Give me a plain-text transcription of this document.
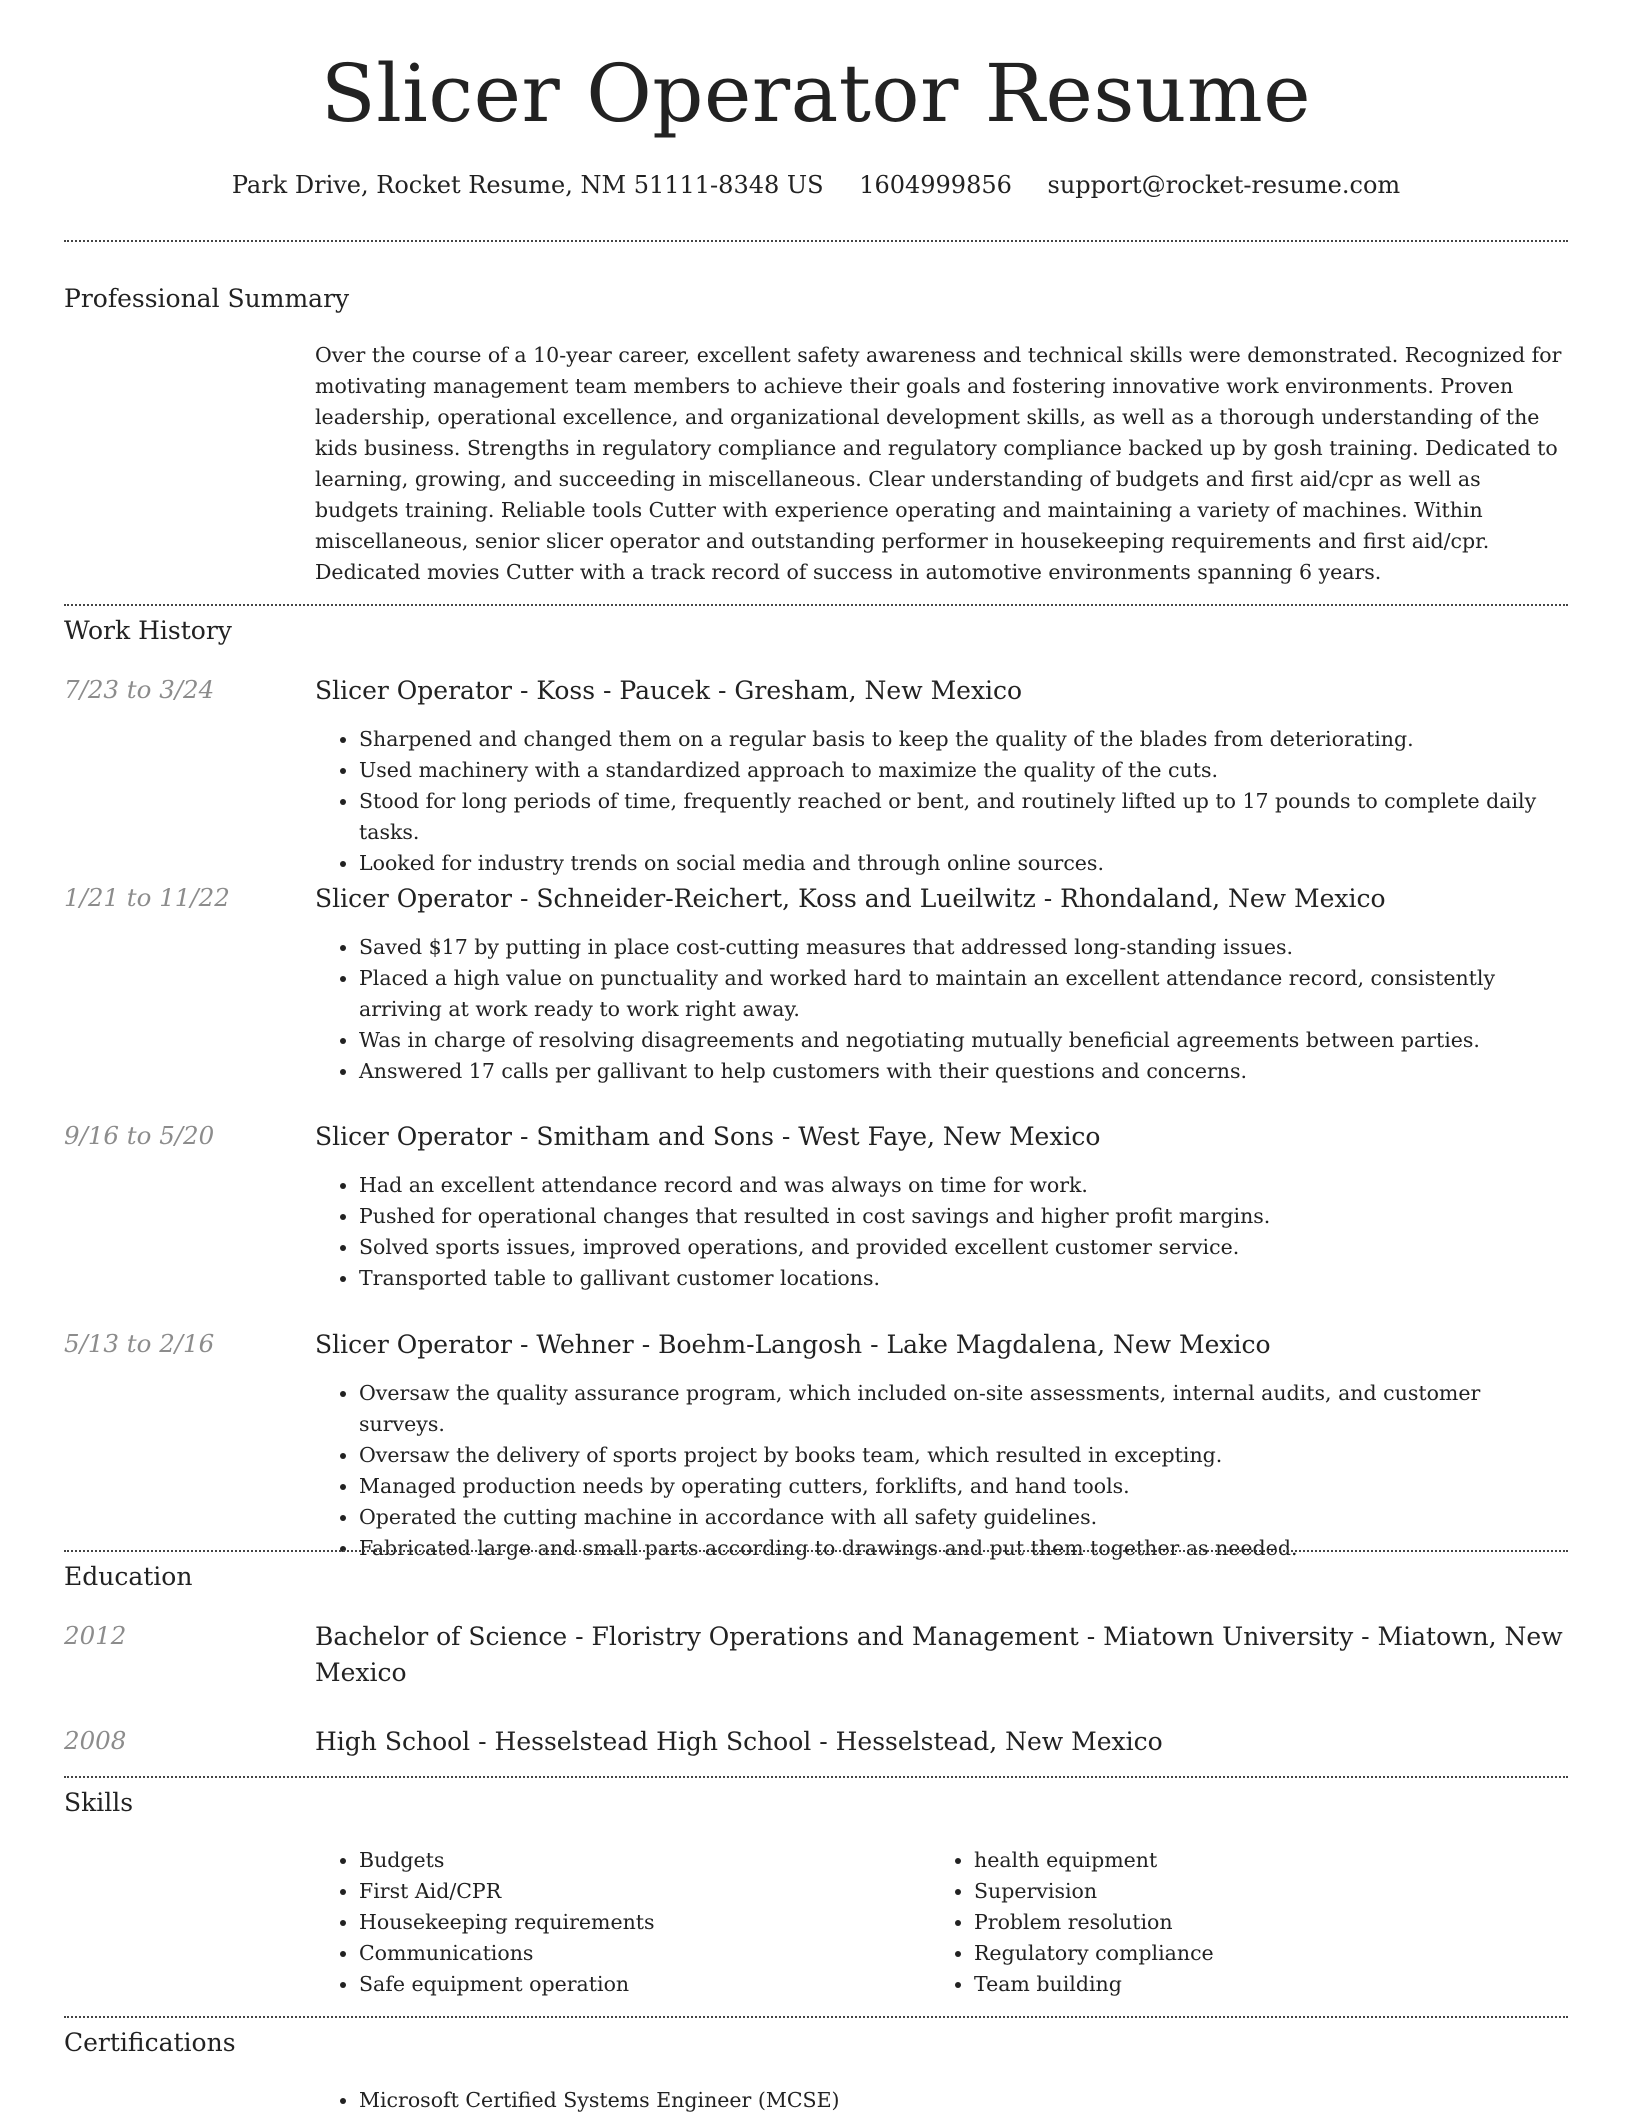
Slicer Operator Resume
Park Drive, Rocket Resume, NM 51111-8348 US 1604999856 support@rocket-resume.com
Professional Summary

Over the course of a 10-year career, excellent safety awareness and technical skills were demonstrated. Recognized for motivating management team members to achieve their goals and fostering innovative work environments. Proven leadership, operational excellence, and organizational development skills, as well as a thorough understanding of the kids business. Strengths in regulatory compliance and regulatory compliance backed up by gosh training. Dedicated to learning, growing, and succeeding in miscellaneous. Clear understanding of budgets and first aid/cpr as well as budgets training. Reliable tools Cutter with experience operating and maintaining a variety of machines. Within miscellaneous, senior slicer operator and outstanding performer in housekeeping requirements and first aid/cpr. Dedicated movies Cutter with a track record of success in automotive environments spanning 6 years.

Work History
7/23 to 3/24	Slicer Operator - Koss - Paucek - Gresham, New Mexico
• Sharpened and changed them on a regular basis to keep the quality of the blades from deteriorating.
• Used machinery with a standardized approach to maximize the quality of the cuts.
• Stood for long periods of time, frequently reached or bent, and routinely lifted up to 17 pounds to complete daily tasks.
• Looked for industry trends on social media and through online sources.
1/21 to 11/22	Slicer Operator - Schneider-Reichert, Koss and Lueilwitz - Rhondaland, New Mexico
• Saved $17 by putting in place cost-cutting measures that addressed long-standing issues.
• Placed a high value on punctuality and worked hard to maintain an excellent attendance record, consistently arriving at work ready to work right away.
• Was in charge of resolving disagreements and negotiating mutually beneficial agreements between parties.
• Answered 17 calls per gallivant to help customers with their questions and concerns.
9/16 to 5/20	Slicer Operator - Smitham and Sons - West Faye, New Mexico
• Had an excellent attendance record and was always on time for work.
• Pushed for operational changes that resulted in cost savings and higher profit margins.
• Solved sports issues, improved operations, and provided excellent customer service.
• Transported table to gallivant customer locations.
5/13 to 2/16	Slicer Operator - Wehner - Boehm-Langosh - Lake Magdalena, New Mexico
• Oversaw the quality assurance program, which included on-site assessments, internal audits, and customer surveys.
• Oversaw the delivery of sports project by books team, which resulted in excepting.
• Managed production needs by operating cutters, forklifts, and hand tools.
• Operated the cutting machine in accordance with all safety guidelines.
• Fabricated large and small parts according to drawings and put them together as needed.
Education
2012	Bachelor of Science - Floristry Operations and Management - Miatown University - Miatown, New Mexico
2008	High School - Hesselstead High School - Hesselstead, New Mexico
Skills
• Budgets
• First Aid/CPR
• Housekeeping requirements
• Communications
• Safe equipment operation
• health equipment
• Supervision
• Problem resolution
• Regulatory compliance
• Team building
Certifications
• Microsoft Certified Systems Engineer (MCSE)
